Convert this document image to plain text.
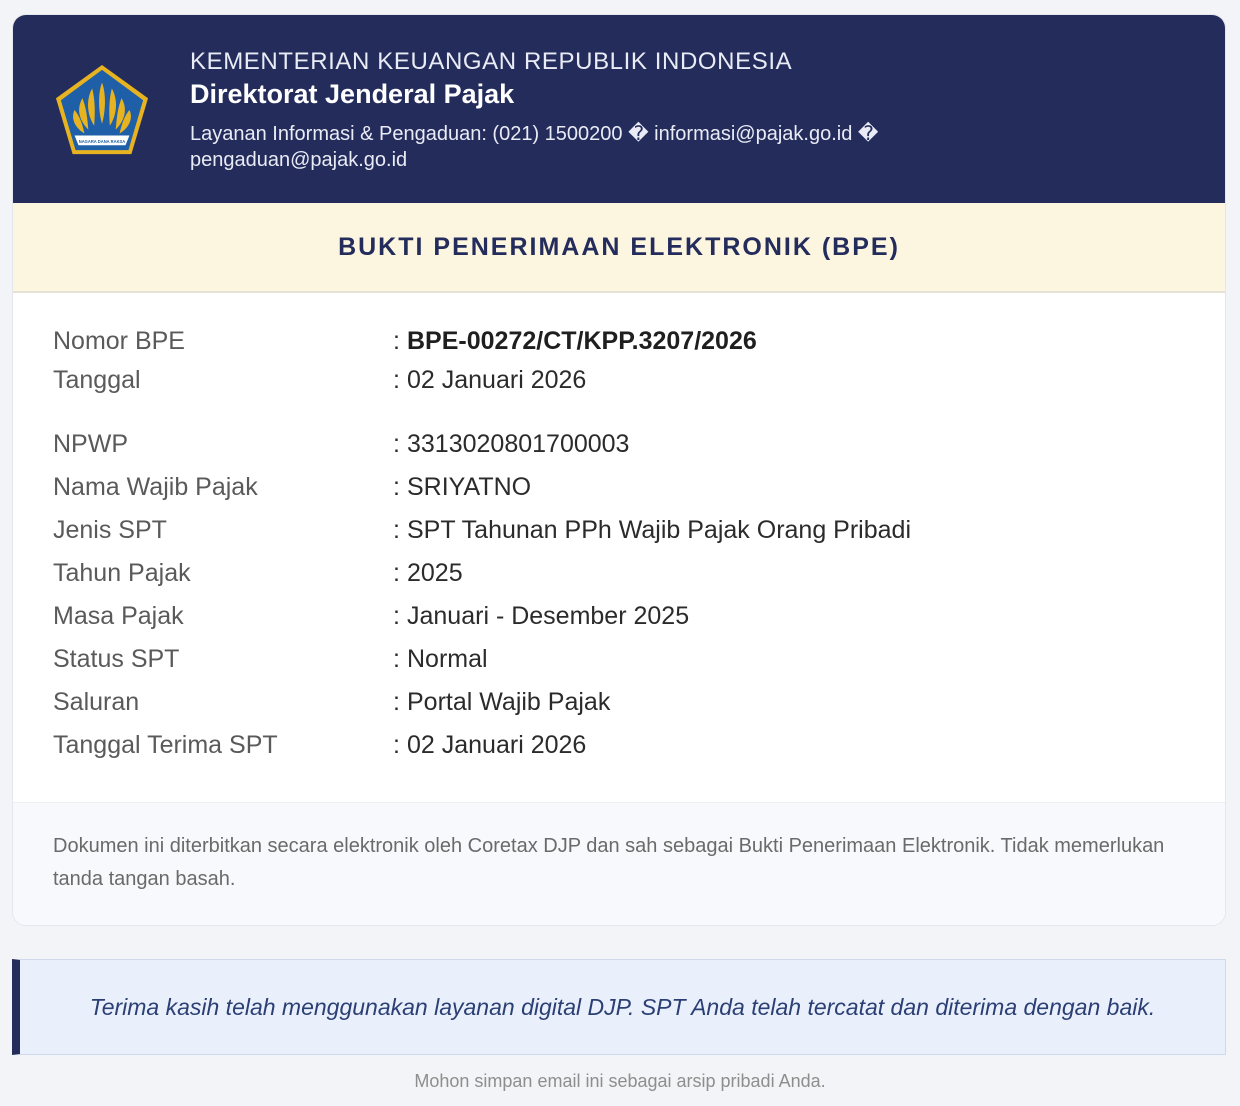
NAGARA DANA RAKSA
KEMENTERIAN KEUANGAN REPUBLIK INDONESIA
Direktorat Jenderal Pajak
Layanan Informasi & Pengaduan: (021) 1500200 � informasi@pajak.go.id � pengaduan@pajak.go.id
BUKTI PENERIMAAN ELEKTRONIK (BPE)
Nomor BPE	: BPE-00272/CT/KPP.3207/2026
Tanggal	: 02 Januari 2026
NPWP	: 3313020801700003
Nama Wajib Pajak	: SRIYATNO
Jenis SPT	: SPT Tahunan PPh Wajib Pajak Orang Pribadi
Tahun Pajak	: 2025
Masa Pajak	: Januari - Desember 2025
Status SPT	: Normal
Saluran	: Portal Wajib Pajak
Tanggal Terima SPT	: 02 Januari 2026
Dokumen ini diterbitkan secara elektronik oleh Coretax DJP dan sah sebagai Bukti Penerimaan Elektronik. Tidak memerlukan tanda tangan basah.
Terima kasih telah menggunakan layanan digital DJP. SPT Anda telah tercatat dan diterima dengan baik.
Mohon simpan email ini sebagai arsip pribadi Anda.
